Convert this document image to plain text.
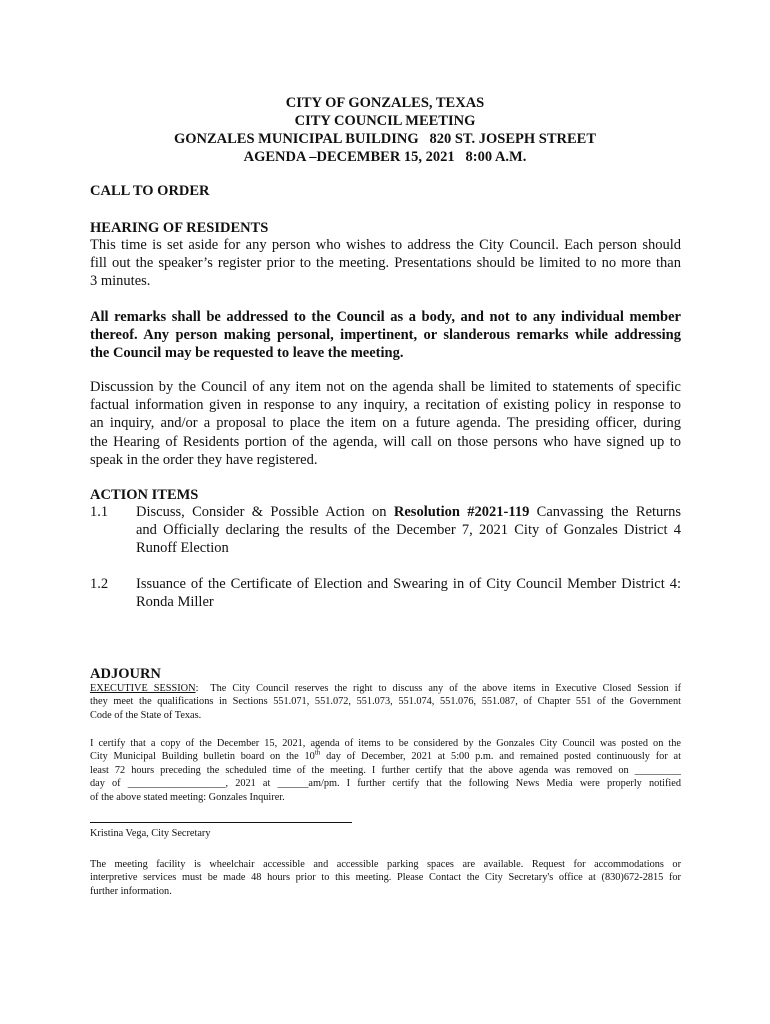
CITY OF GONZALES, TEXAS
CITY COUNCIL MEETING
GONZALES MUNICIPAL BUILDING   820 ST. JOSEPH STREET
AGENDA –DECEMBER 15, 2021   8:00 A.M.
CALL TO ORDER
HEARING OF RESIDENTS
This time is set aside for any person who wishes to address the City Council. Each person should
fill out the speaker’s register prior to the meeting. Presentations should be limited to no more than
3 minutes.
All remarks shall be addressed to the Council as a body, and not to any individual member
thereof. Any person making personal, impertinent, or slanderous remarks while addressing
the Council may be requested to leave the meeting.
Discussion by the Council of any item not on the agenda shall be limited to statements of specific
factual information given in response to any inquiry, a recitation of existing policy in response to
an inquiry, and/or a proposal to place the item on a future agenda. The presiding officer, during
the Hearing of Residents portion of the agenda, will call on those persons who have signed up to
speak in the order they have registered.
ACTION ITEMS
1.1 Discuss, Consider & Possible Action on Resolution #2021-119 Canvassing the Returns
and Officially declaring the results of the December 7, 2021 City of Gonzales District 4
Runoff Election
1.2 Issuance of the Certificate of Election and Swearing in of City Council Member District 4:
Ronda Miller
ADJOURN
EXECUTIVE SESSION:  The City Council reserves the right to discuss any of the above items in Executive Closed Session if
they meet the qualifications in Sections 551.071, 551.072, 551.073, 551.074, 551.076, 551.087, of Chapter 551 of the Government
Code of the State of Texas.
I certify that a copy of the December 15, 2021, agenda of items to be considered by the Gonzales City Council was posted on the
City Municipal Building bulletin board on the 10th day of December, 2021 at 5:00 p.m. and remained posted continuously for at
least 72 hours preceding the scheduled time of the meeting. I further certify that the above agenda was removed on _________
day of ___________________, 2021 at ______am/pm. I further certify that the following News Media were properly notified
of the above stated meeting: Gonzales Inquirer.
Kristina Vega, City Secretary
The meeting facility is wheelchair accessible and accessible parking spaces are available. Request for accommodations or
interpretive services must be made 48 hours prior to this meeting. Please Contact the City Secretary's office at (830)672-2815 for
further information.
